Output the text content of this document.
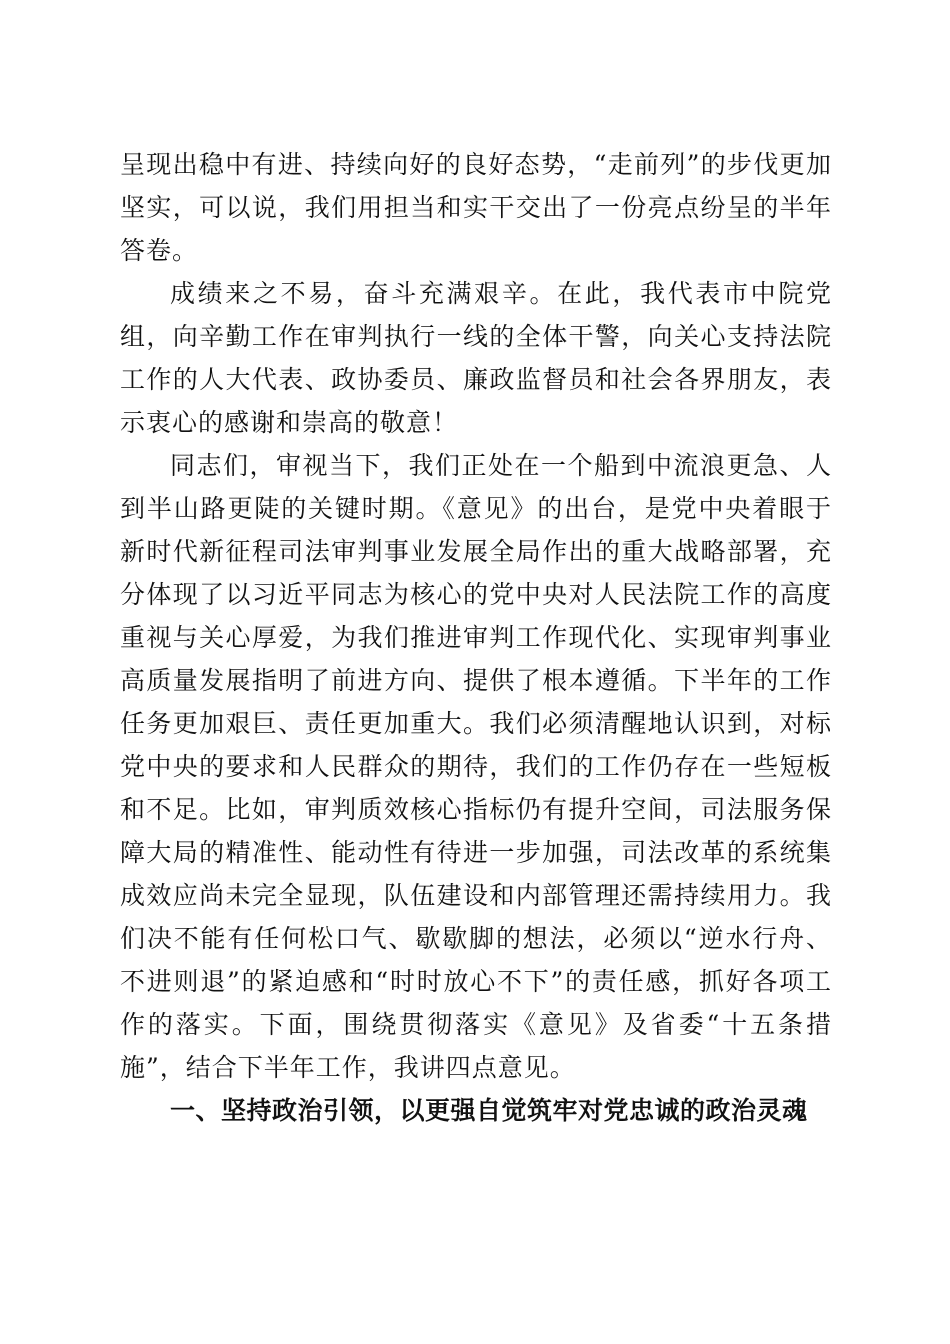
呈现出稳中有进、持续向好的良好态势，“走前列”的步伐更加坚实，可以说，我们用担当和实干交出了一份亮点纷呈的半年答卷。

成绩来之不易，奋斗充满艰辛。在此，我代表市中院党组，向辛勤工作在审判执行一线的全体干警，向关心支持法院工作的人大代表、政协委员、廉政监督员和社会各界朋友，表示衷心的感谢和崇高的敬意！

同志们，审视当下，我们正处在一个船到中流浪更急、人到半山路更陡的关键时期。《意见》的出台，是党中央着眼于新时代新征程司法审判事业发展全局作出的重大战略部署，充分体现了以习近平同志为核心的党中央对人民法院工作的高度重视与关心厚爱，为我们推进审判工作现代化、实现审判事业高质量发展指明了前进方向、提供了根本遵循。下半年的工作任务更加艰巨、责任更加重大。我们必须清醒地认识到，对标党中央的要求和人民群众的期待，我们的工作仍存在一些短板和不足。比如，审判质效核心指标仍有提升空间，司法服务保障大局的精准性、能动性有待进一步加强，司法改革的系统集成效应尚未完全显现，队伍建设和内部管理还需持续用力。我们决不能有任何松口气、歇歇脚的想法，必须以“逆水行舟、不进则退”的紧迫感和“时时放心不下”的责任感，抓好各项工作的落实。下面，围绕贯彻落实《意见》及省委“十五条措施”，结合下半年工作，我讲四点意见。

一、坚持政治引领，以更强自觉筑牢对党忠诚的政治灵魂
